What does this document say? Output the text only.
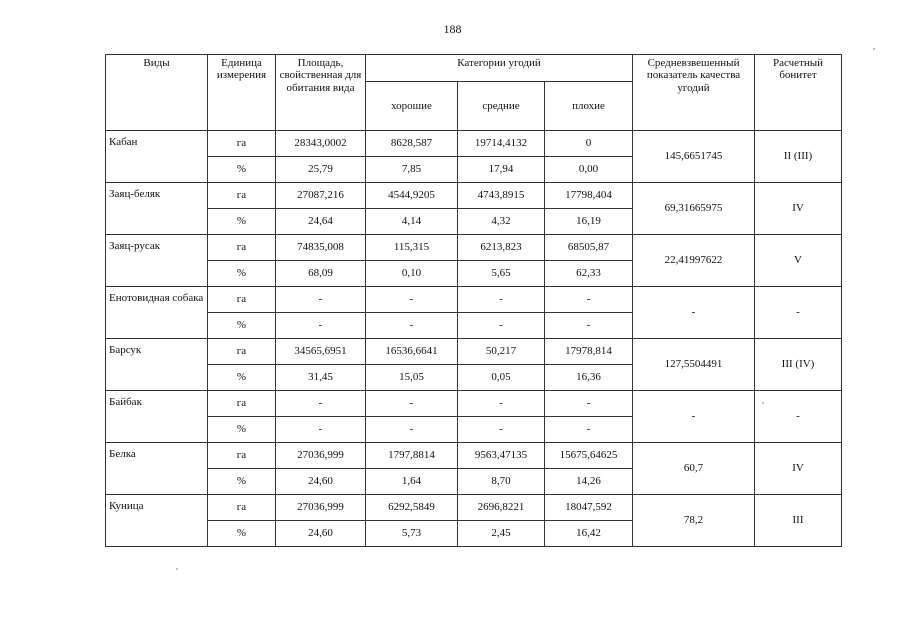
188
Виды	Единица измерения	Площадь, свойственная для обитания вида	Категории угодий			Средневзвешенный показатель качества угодий	Расчетный бонитет
			хорошие	средние	плохие		
Кабан	га	28343,0002	8628,587	19714,4132	0	145,6651745	II (III)
	%	25,79	7,85	17,94	0,00		
Заяц-беляк	га	27087,216	4544,9205	4743,8915	17798,404	69,31665975	IV
	%	24,64	4,14	4,32	16,19		
Заяц-русак	га	74835,008	115,315	6213,823	68505,87	22,41997622	V
	%	68,09	0,10	5,65	62,33		
Енотовидная собака	га	-	-	-	-	-	-
	%	-	-	-	-		
Барсук	га	34565,6951	16536,6641	50,217	17978,814	127,5504491	III (IV)
	%	31,45	15,05	0,05	16,36		
Байбак	га	-	-	-	-	-	-
	%	-	-	-	-		
Белка	га	27036,999	1797,8814	9563,47135	15675,64625	60,7	IV
	%	24,60	1,64	8,70	14,26		
Куница	га	27036,999	6292,5849	2696,8221	18047,592	78,2	III
	%	24,60	5,73	2,45	16,42		
